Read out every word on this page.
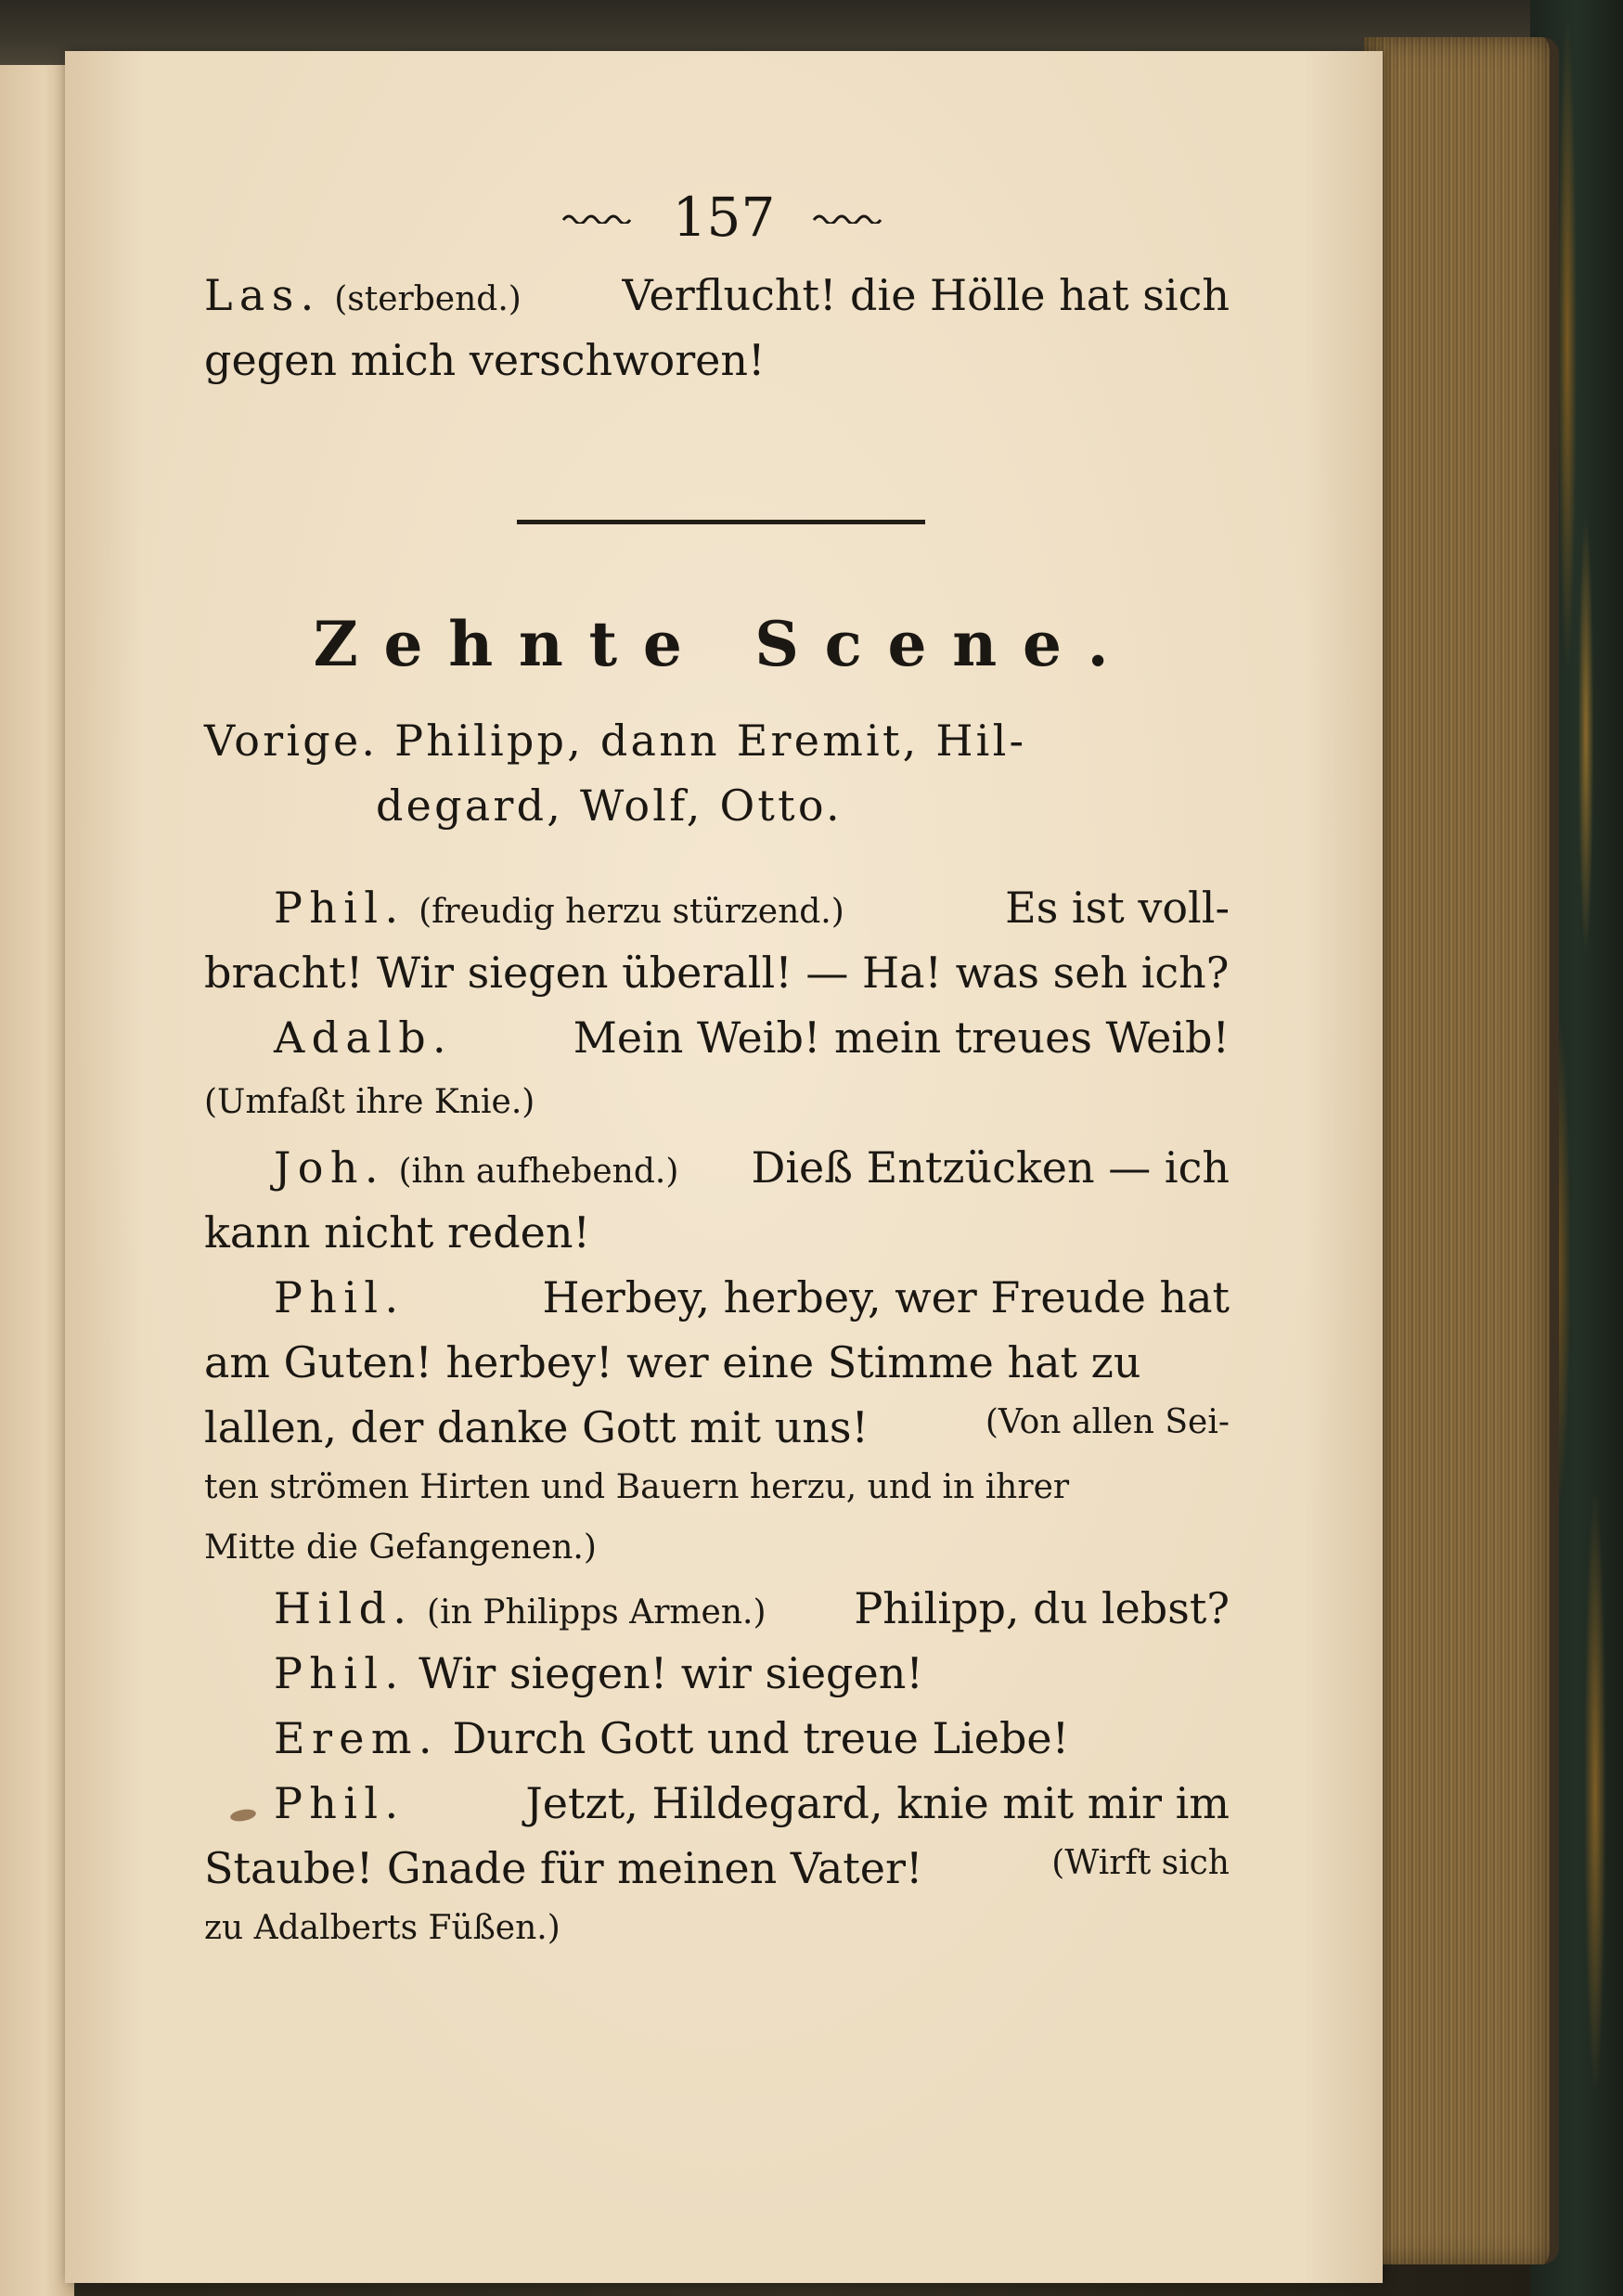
157
Las. (sterbend.) Verflucht! die Hölle hat sich
gegen mich verschworen!
Zehnte Scene.
Vorige. Philipp, dann Eremit, Hil-
degard, Wolf, Otto.
Phil. (freudig herzu stürzend.)	Es ist voll-
bracht! Wir siegen überall! — Ha! was seh ich?
Adalb.	Mein Weib! mein treues Weib!
(Umfaßt ihre Knie.)
Joh. (ihn aufhebend.) Dieß Entzücken — ich
kann nicht reden!
Phil.	Herbey, herbey, wer Freude hat
am Guten! herbey! wer eine Stimme hat zu
lallen, der danke Gott mit uns!	(Von allen Sei-
ten strömen Hirten und Bauern herzu, und in ihrer
Mitte die Gefangenen.)
Hild. (in Philipps Armen.) Philipp, du lebst?
Phil. Wir siegen! wir siegen!
Erem. Durch Gott und treue Liebe!
Phil.	Jetzt, Hildegard, knie mit mir im
Staube! Gnade für meinen Vater!	(Wirft sich
zu Adalberts Füßen.)
